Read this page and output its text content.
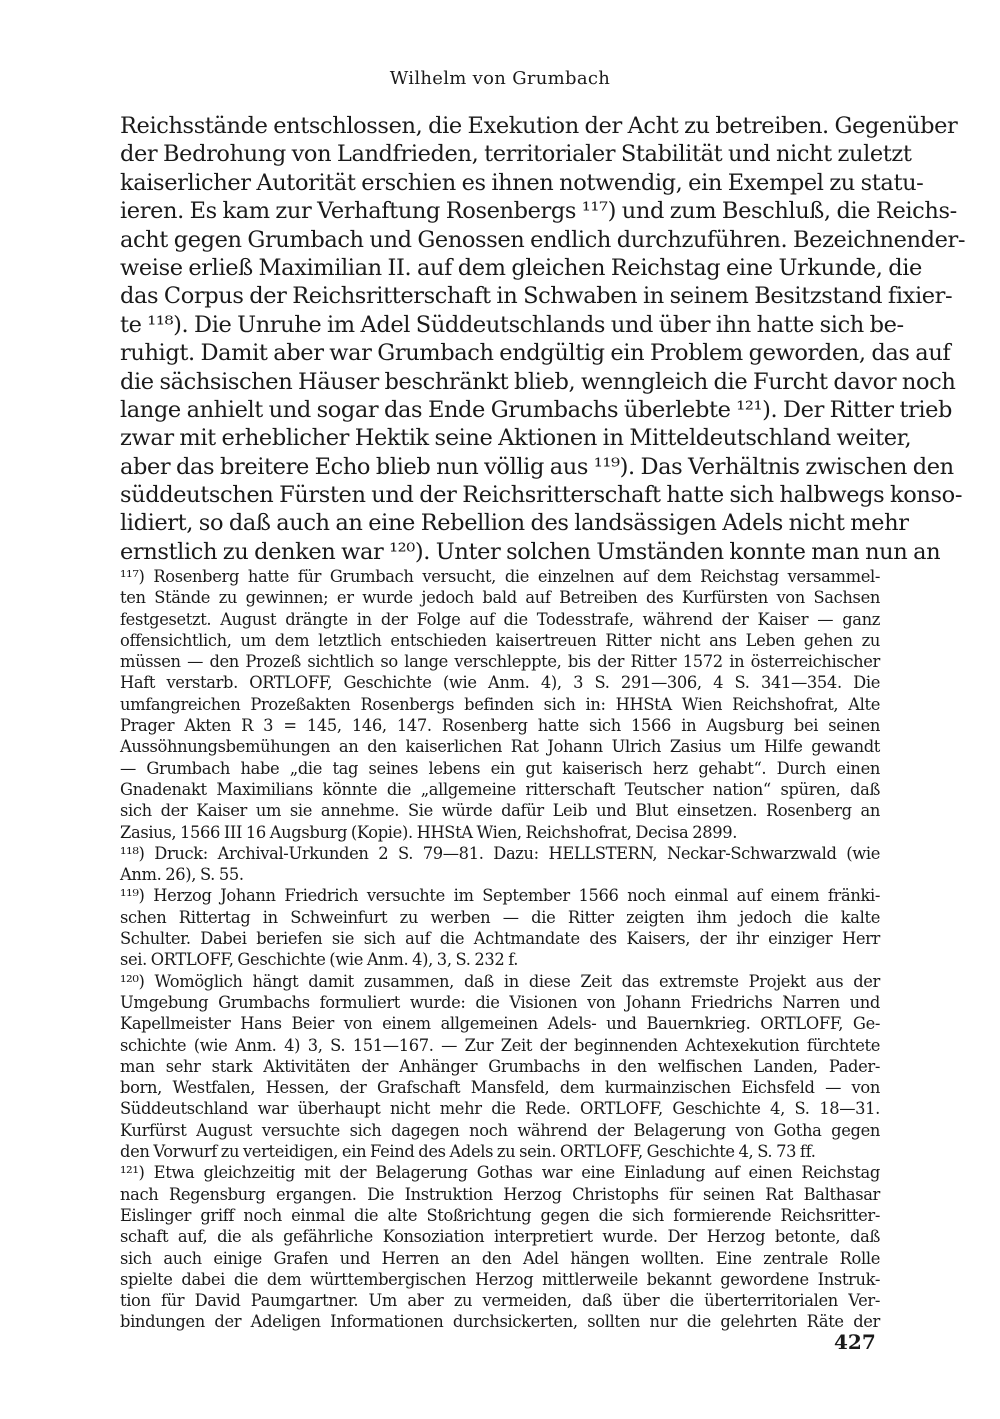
Wilhelm von Grumbach
Reichsstände entschlossen, die Exekution der Acht zu betreiben. Gegenüber
der Bedrohung von Landfrieden, territorialer Stabilität und nicht zuletzt
kaiserlicher Autorität erschien es ihnen notwendig, ein Exempel zu statu-
ieren. Es kam zur Verhaftung Rosenbergs ¹¹⁷) und zum Beschluß, die Reichs-
acht gegen Grumbach und Genossen endlich durchzuführen. Bezeichnender-
weise erließ Maximilian II. auf dem gleichen Reichstag eine Urkunde, die
das Corpus der Reichsritterschaft in Schwaben in seinem Besitzstand fixier-
te ¹¹⁸). Die Unruhe im Adel Süddeutschlands und über ihn hatte sich be-
ruhigt. Damit aber war Grumbach endgültig ein Problem geworden, das auf
die sächsischen Häuser beschränkt blieb, wenngleich die Furcht davor noch
lange anhielt und sogar das Ende Grumbachs überlebte ¹²¹). Der Ritter trieb
zwar mit erheblicher Hektik seine Aktionen in Mitteldeutschland weiter,
aber das breitere Echo blieb nun völlig aus ¹¹⁹). Das Verhältnis zwischen den
süddeutschen Fürsten und der Reichsritterschaft hatte sich halbwegs konso-
lidiert, so daß auch an eine Rebellion des landsässigen Adels nicht mehr
ernstlich zu denken war ¹²⁰). Unter solchen Umständen konnte man nun an
¹¹⁷) Rosenberg hatte für Grumbach versucht, die einzelnen auf dem Reichstag versammel-
ten Stände zu gewinnen; er wurde jedoch bald auf Betreiben des Kurfürsten von Sachsen
festgesetzt. August drängte in der Folge auf die Todesstrafe, während der Kaiser — ganz
offensichtlich, um dem letztlich entschieden kaisertreuen Ritter nicht ans Leben gehen zu
müssen — den Prozeß sichtlich so lange verschleppte, bis der Ritter 1572 in österreichischer
Haft verstarb. ORTLOFF, Geschichte (wie Anm. 4), 3 S. 291—306, 4 S. 341—354. Die
umfangreichen Prozeßakten Rosenbergs befinden sich in: HHStA Wien Reichshofrat, Alte
Prager Akten R 3 = 145, 146, 147. Rosenberg hatte sich 1566 in Augsburg bei seinen
Aussöhnungsbemühungen an den kaiserlichen Rat Johann Ulrich Zasius um Hilfe gewandt
— Grumbach habe „die tag seines lebens ein gut kaiserisch herz gehabt“. Durch einen
Gnadenakt Maximilians könnte die „allgemeine ritterschaft Teutscher nation“ spüren, daß
sich der Kaiser um sie annehme. Sie würde dafür Leib und Blut einsetzen. Rosenberg an
Zasius, 1566 III 16 Augsburg (Kopie). HHStA Wien, Reichshofrat, Decisa 2899.
¹¹⁸) Druck: Archival-Urkunden 2 S. 79—81. Dazu: HELLSTERN, Neckar-Schwarzwald (wie
Anm. 26), S. 55.
¹¹⁹) Herzog Johann Friedrich versuchte im September 1566 noch einmal auf einem fränki-
schen Rittertag in Schweinfurt zu werben — die Ritter zeigten ihm jedoch die kalte
Schulter. Dabei beriefen sie sich auf die Achtmandate des Kaisers, der ihr einziger Herr
sei. ORTLOFF, Geschichte (wie Anm. 4), 3, S. 232 f.
¹²⁰) Womöglich hängt damit zusammen, daß in diese Zeit das extremste Projekt aus der
Umgebung Grumbachs formuliert wurde: die Visionen von Johann Friedrichs Narren und
Kapellmeister Hans Beier von einem allgemeinen Adels- und Bauernkrieg. ORTLOFF, Ge-
schichte (wie Anm. 4) 3, S. 151—167. — Zur Zeit der beginnenden Achtexekution fürchtete
man sehr stark Aktivitäten der Anhänger Grumbachs in den welfischen Landen, Pader-
born, Westfalen, Hessen, der Grafschaft Mansfeld, dem kurmainzischen Eichsfeld — von
Süddeutschland war überhaupt nicht mehr die Rede. ORTLOFF, Geschichte 4, S. 18—31.
Kurfürst August versuchte sich dagegen noch während der Belagerung von Gotha gegen
den Vorwurf zu verteidigen, ein Feind des Adels zu sein. ORTLOFF, Geschichte 4, S. 73 ff.
¹²¹) Etwa gleichzeitig mit der Belagerung Gothas war eine Einladung auf einen Reichstag
nach Regensburg ergangen. Die Instruktion Herzog Christophs für seinen Rat Balthasar
Eislinger griff noch einmal die alte Stoßrichtung gegen die sich formierende Reichsritter-
schaft auf, die als gefährliche Konsoziation interpretiert wurde. Der Herzog betonte, daß
sich auch einige Grafen und Herren an den Adel hängen wollten. Eine zentrale Rolle
spielte dabei die dem württembergischen Herzog mittlerweile bekannt gewordene Instruk-
tion für David Paumgartner. Um aber zu vermeiden, daß über die überterritorialen Ver-
bindungen der Adeligen Informationen durchsickerten, sollten nur die gelehrten Räte der
427
